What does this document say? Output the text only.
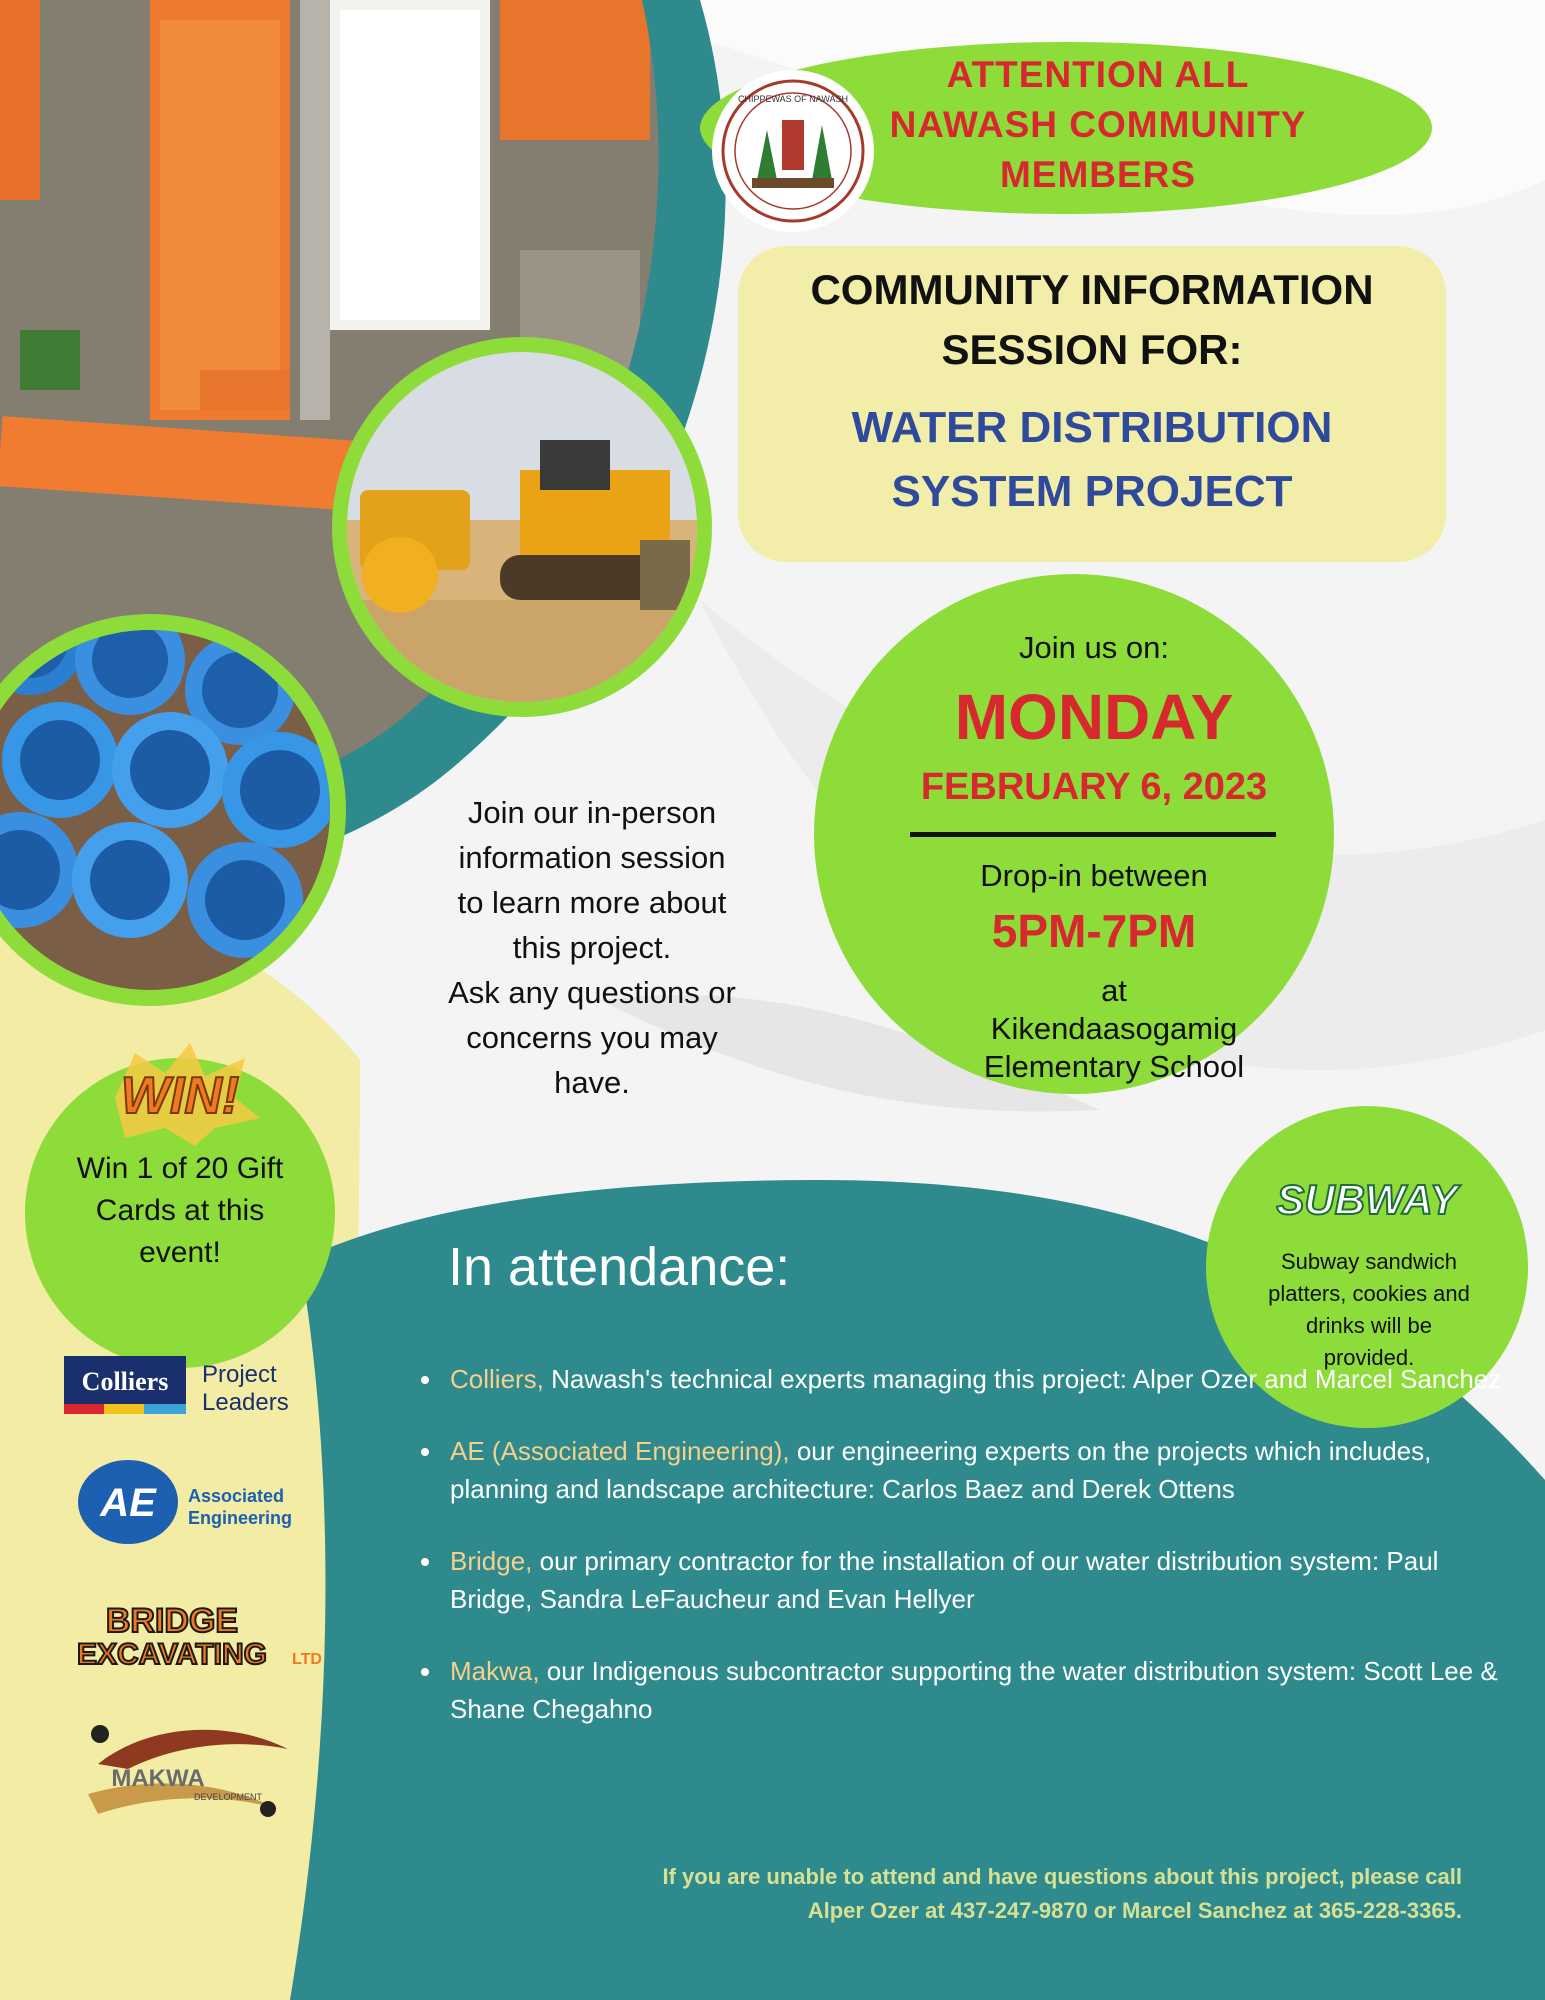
CHIPPEWAS OF NAWASH
ATTENTION ALL
NAWASH COMMUNITY
MEMBERS
COMMUNITY INFORMATION
SESSION FOR:
WATER DISTRIBUTION
SYSTEM PROJECT
Join us on:
MONDAY
FEBRUARY 6, 2023
Drop-in between
5PM-7PM
at
Kikendaasogamig
Elementary School
Join our in-person
information session
to learn more about
this project.
Ask any questions or
concerns you may
have.
WIN!
Win 1 of 20 Gift
Cards at this
event!
SUBWAY
Subway sandwich
platters, cookies and
drinks will be
provided.
In attendance:
• Colliers, Nawash's technical experts managing this project: Alper Ozer and Marcel Sanchez
• AE (Associated Engineering), our engineering experts on the projects which includes, planning and landscape architecture: Carlos Baez and Derek Ottens
• Bridge, our primary contractor for the installation of our water distribution system: Paul Bridge, Sandra LeFaucheur and Evan Hellyer
• Makwa, our Indigenous subcontractor supporting the water distribution system: Scott Lee & Shane Chegahno
If you are unable to attend and have questions about this project, please call
Alper Ozer at 437-247-9870 or Marcel Sanchez at 365-228-3365.
Colliers Project
Leaders
AE Associated
Engineering
BRIDGE
EXCAVATING LTD
MAKWA
DEVELOPMENT
